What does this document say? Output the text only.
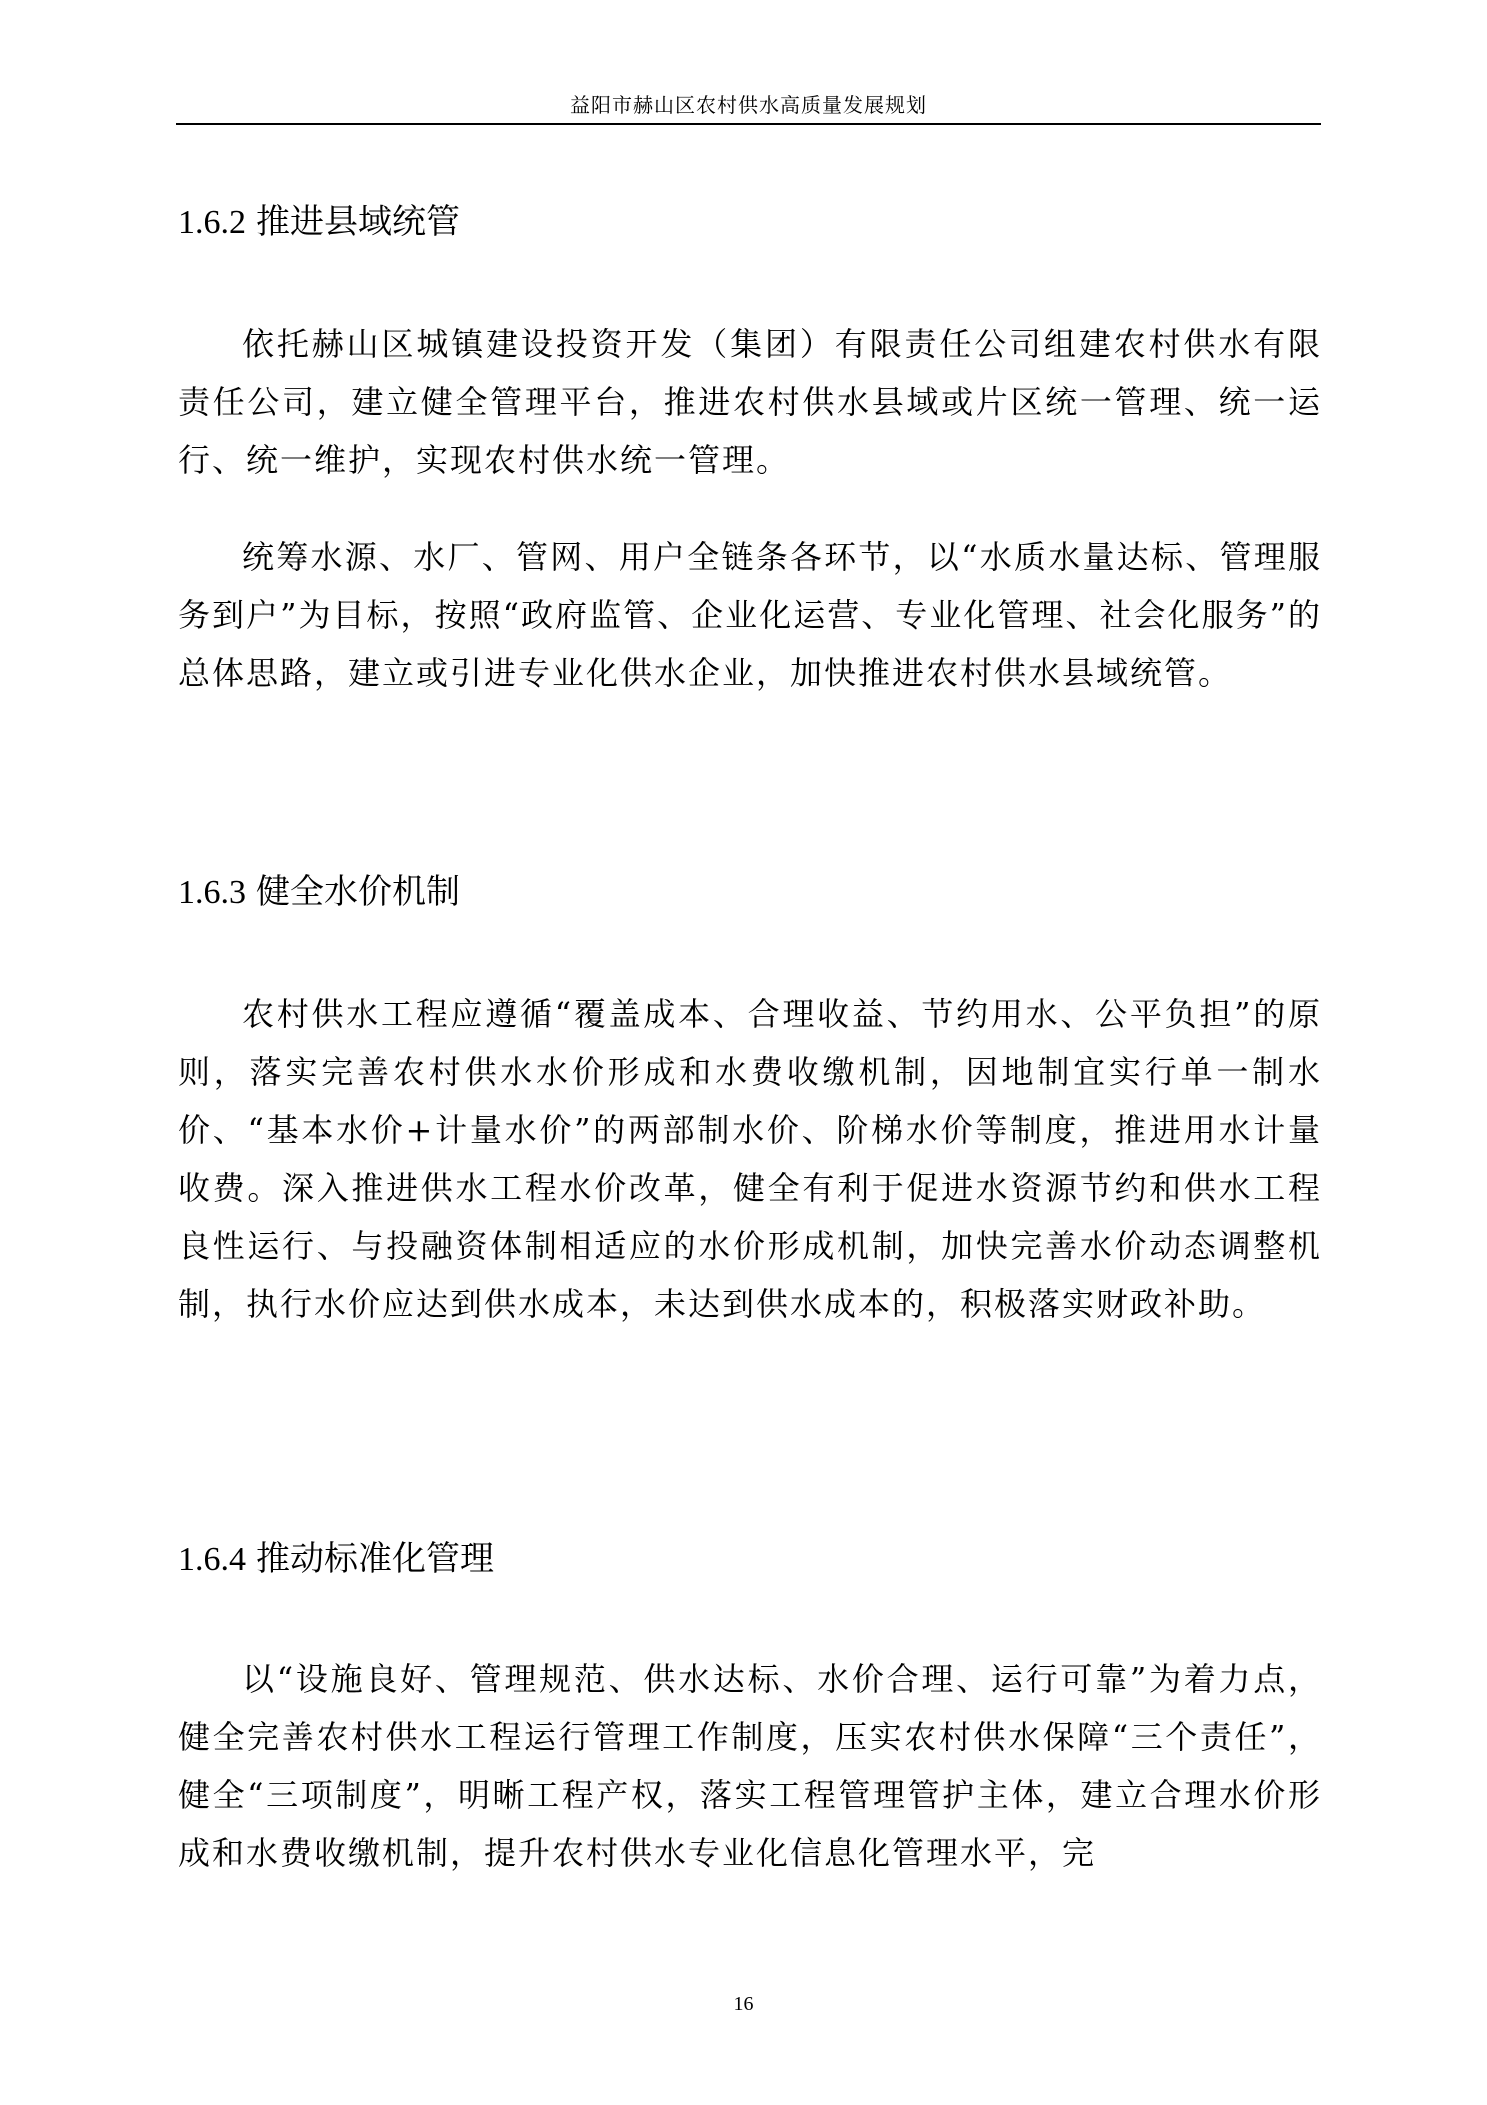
益阳市赫山区农村供水高质量发展规划
1.6.2 推进县域统管

依托赫山区城镇建设投资开发（集团）有限责任公司组建农村供水有限责任公司，建立健全管理平台，推进农村供水县域或片区统一管理、统一运行、统一维护，实现农村供水统一管理。

统筹水源、水厂、管网、用户全链条各环节，以“水质水量达标、管理服务到户”为目标，按照“政府监管、企业化运营、专业化管理、社会化服务”的总体思路，建立或引进专业化供水企业，加快推进农村供水县域统管。

1.6.3 健全水价机制

农村供水工程应遵循“覆盖成本、合理收益、节约用水、公平负担”的原则，落实完善农村供水水价形成和水费收缴机制，因地制宜实行单一制水价、“基本水价+计量水价”的两部制水价、阶梯水价等制度，推进用水计量收费。深入推进供水工程水价改革，健全有利于促进水资源节约和供水工程良性运行、与投融资体制相适应的水价形成机制，加快完善水价动态调整机制，执行水价应达到供水成本，未达到供水成本的，积极落实财政补助。

1.6.4 推动标准化管理

以“设施良好、管理规范、供水达标、水价合理、运行可靠”为着力点，健全完善农村供水工程运行管理工作制度，压实农村供水保障“三个责任”，健全“三项制度”，明晰工程产权，落实工程管理管护主体，建立合理水价形成和水费收缴机制，提升农村供水专业化信息化管理水平，完

16
